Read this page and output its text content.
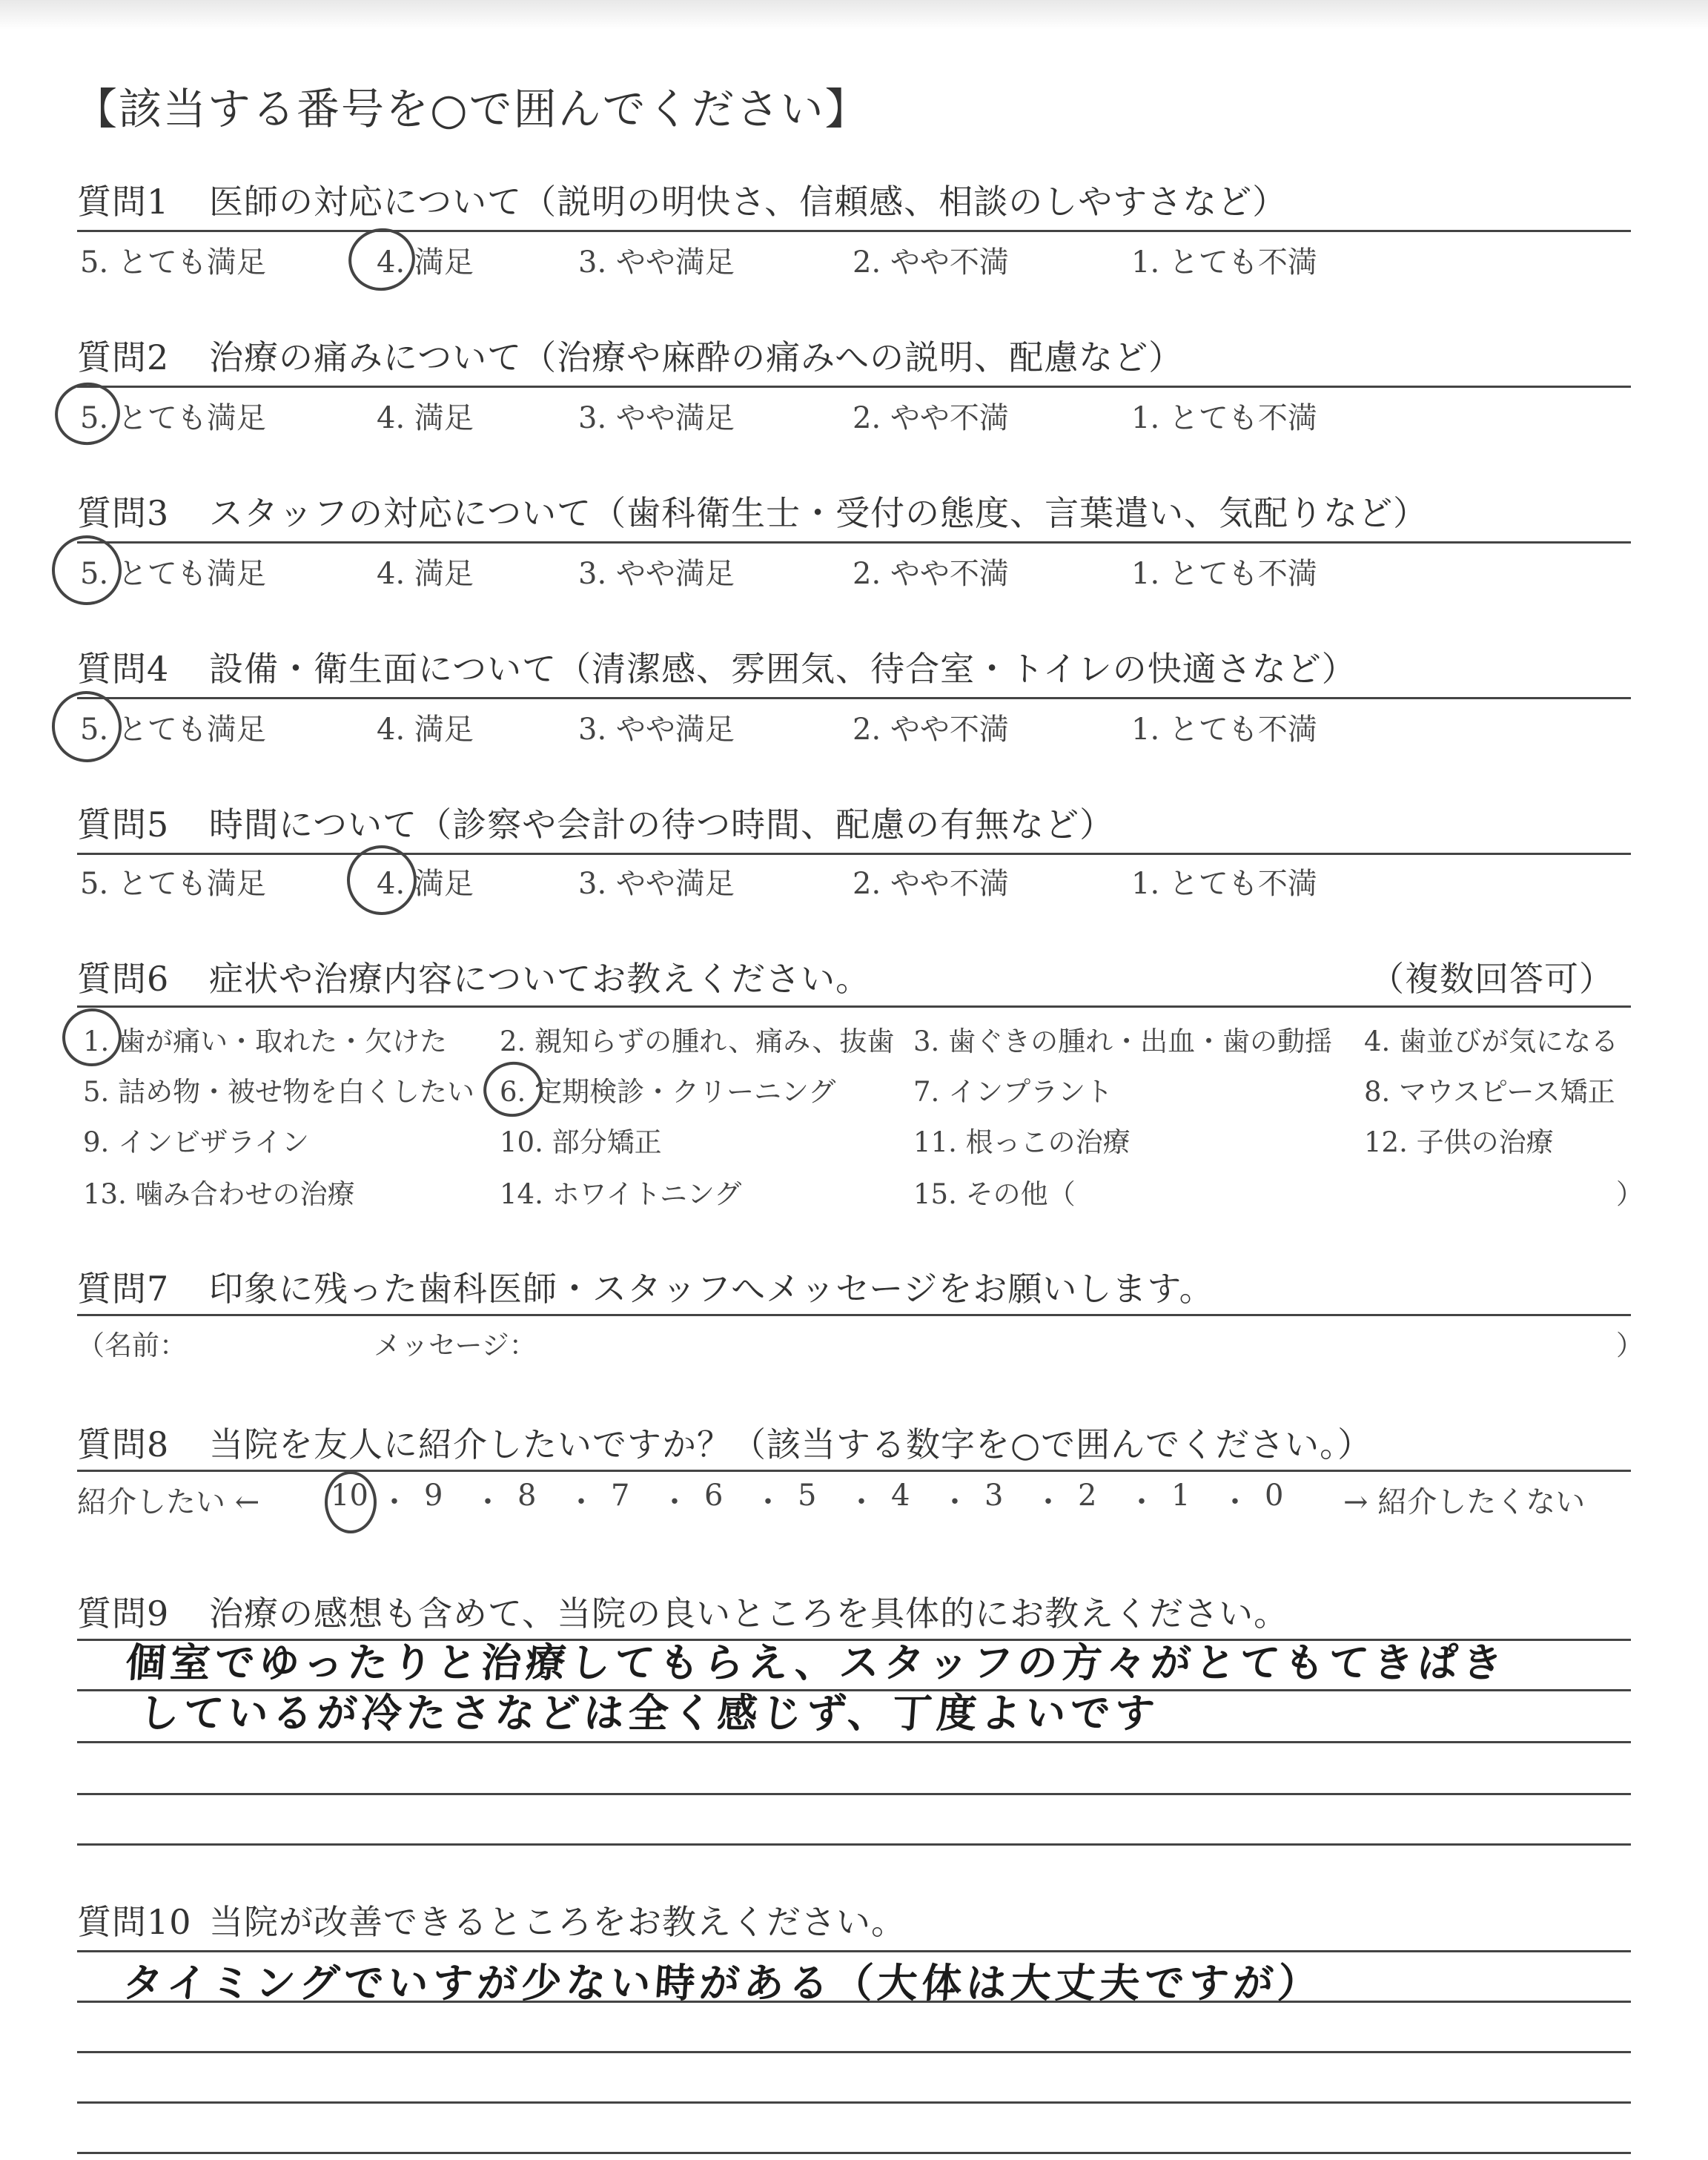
【該当する番号を○で囲んでください】
質問1 医師の対応について（説明の明快さ、信頼感、相談のしやすさなど）
5. とても満足	4. 満足	3. やや満足	2. やや不満	1. とても不満
質問2 治療の痛みについて（治療や麻酔の痛みへの説明、配慮など）
5. とても満足	4. 満足	3. やや満足	2. やや不満	1. とても不満
質問3 スタッフの対応について（歯科衛生士・受付の態度、言葉遣い、気配りなど）
5. とても満足	4. 満足	3. やや満足	2. やや不満	1. とても不満
質問4 設備・衛生面について（清潔感、雰囲気、待合室・トイレの快適さなど）
5. とても満足	4. 満足	3. やや満足	2. やや不満	1. とても不満
質問5 時間について（診察や会計の待つ時間、配慮の有無など）
5. とても満足	4. 満足	3. やや満足	2. やや不満	1. とても不満
質問6 症状や治療内容についてお教えください。	（複数回答可）
1. 歯が痛い・取れた・欠けた 2. 親知らずの腫れ、痛み、抜歯 3. 歯ぐきの腫れ・出血・歯の動揺 4. 歯並びが気になる
5. 詰め物・被せ物を白くしたい 6. 定期検診・クリーニング	7. インプラント	8. マウスピース矯正
9. インビザライン	10. 部分矯正	11. 根っこの治療	12. 子供の治療
13. 噛み合わせの治療	14. ホワイトニング	15. その他（	）
質問7 印象に残った歯科医師・スタッフへメッセージをお願いします。
（名前：	メッセージ：	）
質問8 当院を友人に紹介したいですか？（該当する数字を○で囲んでください。）
紹介したい ←	→ 紹介したくない
10 ・ 9 ・ 8 ・ 7 ・ 6 ・ 5 ・ 4 ・ 3 ・ 2 ・ 1 ・ 0
質問9 治療の感想も含めて、当院の良いところを具体的にお教えください。
個室でゆったりと治療してもらえ、スタッフの方々がとてもてきぱき
しているが冷たさなどは全く感じず、丁度よいです
質問10 当院が改善できるところをお教えください。
タイミングでいすが少ない時がある（大体は大丈夫ですが）
